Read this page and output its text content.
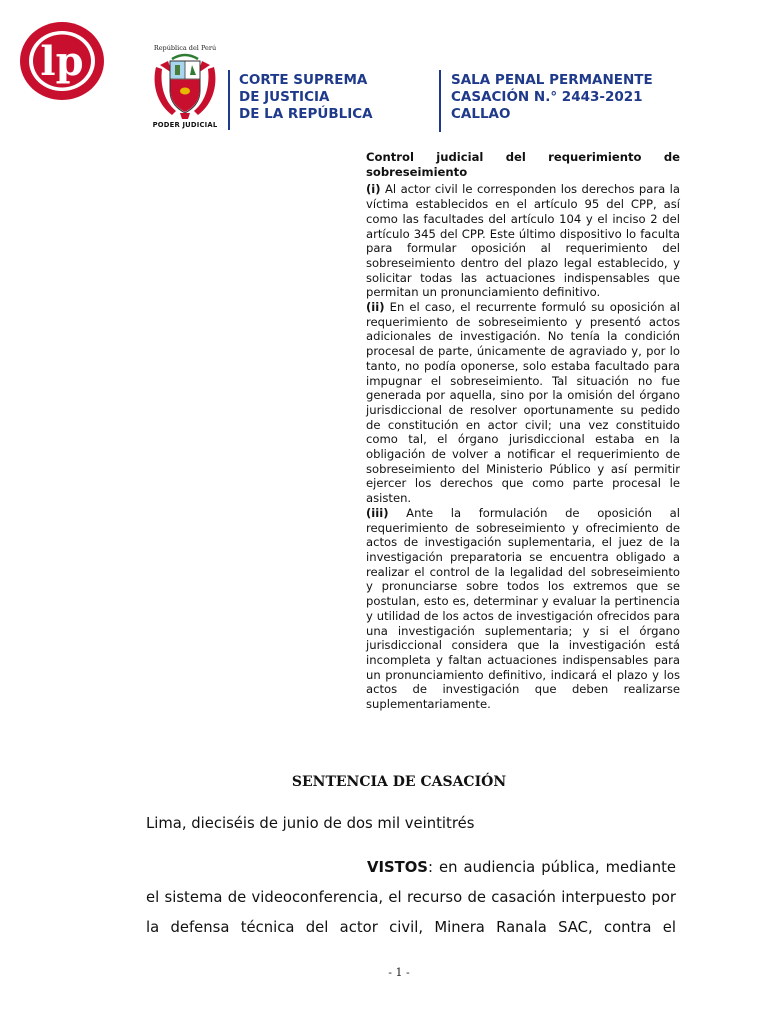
lp	República del Perú
PODER JUDICIAL
CORTE SUPREMA
DE JUSTICIA
DE LA REPÚBLICA
SALA PENAL PERMANENTE
CASACIÓN N.° 2443-2021
CALLAO
Control judicial del requerimiento de
sobreseimiento

(i) Al actor civil le corresponden los derechos para la víctima establecidos en el artículo 95 del CPP, así como las facultades del artículo 104 y el inciso 2 del artículo 345 del CPP. Este último dispositivo lo faculta para formular oposición al requerimiento del sobreseimiento dentro del plazo legal establecido, y solicitar todas las actuaciones indispensables que permitan un pronunciamiento definitivo.

(ii) En el caso, el recurrente formuló su oposición al requerimiento de sobreseimiento y presentó actos adicionales de investigación. No tenía la condición procesal de parte, únicamente de agraviado y, por lo tanto, no podía oponerse, solo estaba facultado para impugnar el sobreseimiento. Tal situación no fue generada por aquella, sino por la omisión del órgano jurisdiccional de resolver oportunamente su pedido de constitución en actor civil; una vez constituido como tal, el órgano jurisdiccional estaba en la obligación de volver a notificar el requerimiento de sobreseimiento del Ministerio Público y así permitir ejercer los derechos que como parte procesal le asisten.

(iii) Ante la formulación de oposición al requerimiento de sobreseimiento y ofrecimiento de actos de investigación suplementaria, el juez de la investigación preparatoria se encuentra obligado a realizar el control de la legalidad del sobreseimiento y pronunciarse sobre todos los extremos que se postulan, esto es, determinar y evaluar la pertinencia y utilidad de los actos de investigación ofrecidos para una investigación suplementaria; y si el órgano jurisdiccional considera que la investigación está incompleta y faltan actuaciones indispensables para un pronunciamiento definitivo, indicará el plazo y los actos de investigación que deben realizarse suplementariamente.

SENTENCIA DE CASACIÓN
Lima, dieciséis de junio de dos mil veintitrés
VISTOS: en audiencia pública, mediante el sistema de videoconferencia, el recurso de casación interpuesto por la defensa técnica del actor civil, Minera Ranala SAC, contra el
- 1 -
